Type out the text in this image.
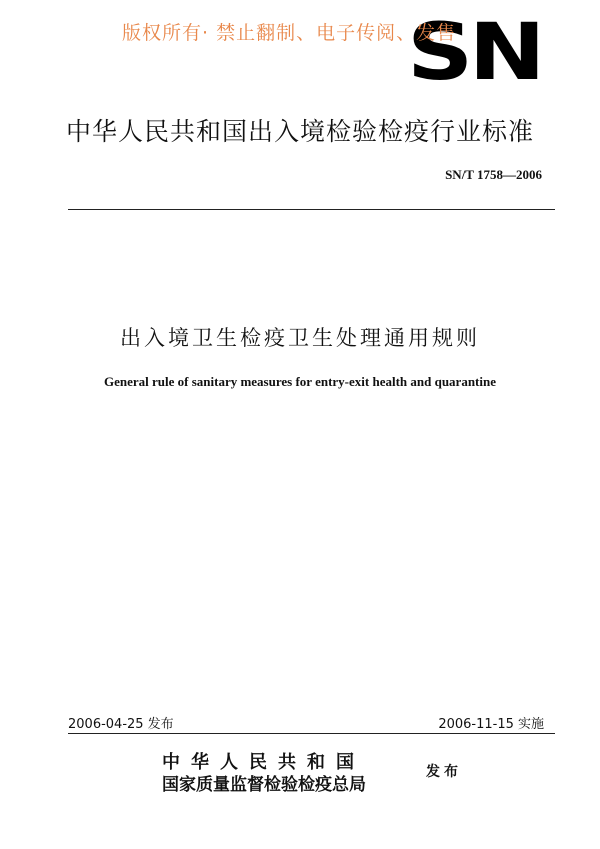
版权所有· 禁止翻制、电子传阅、发售
SN
中华人民共和国出入境检验检疫行业标准
SN/T 1758—2006
出入境卫生检疫卫生处理通用规则
General rule of sanitary measures for entry-exit health and quarantine
2006-04-25 发布	2006-11-15 实施
中华人民共和国
国家质量监督检验检疫总局
发布
